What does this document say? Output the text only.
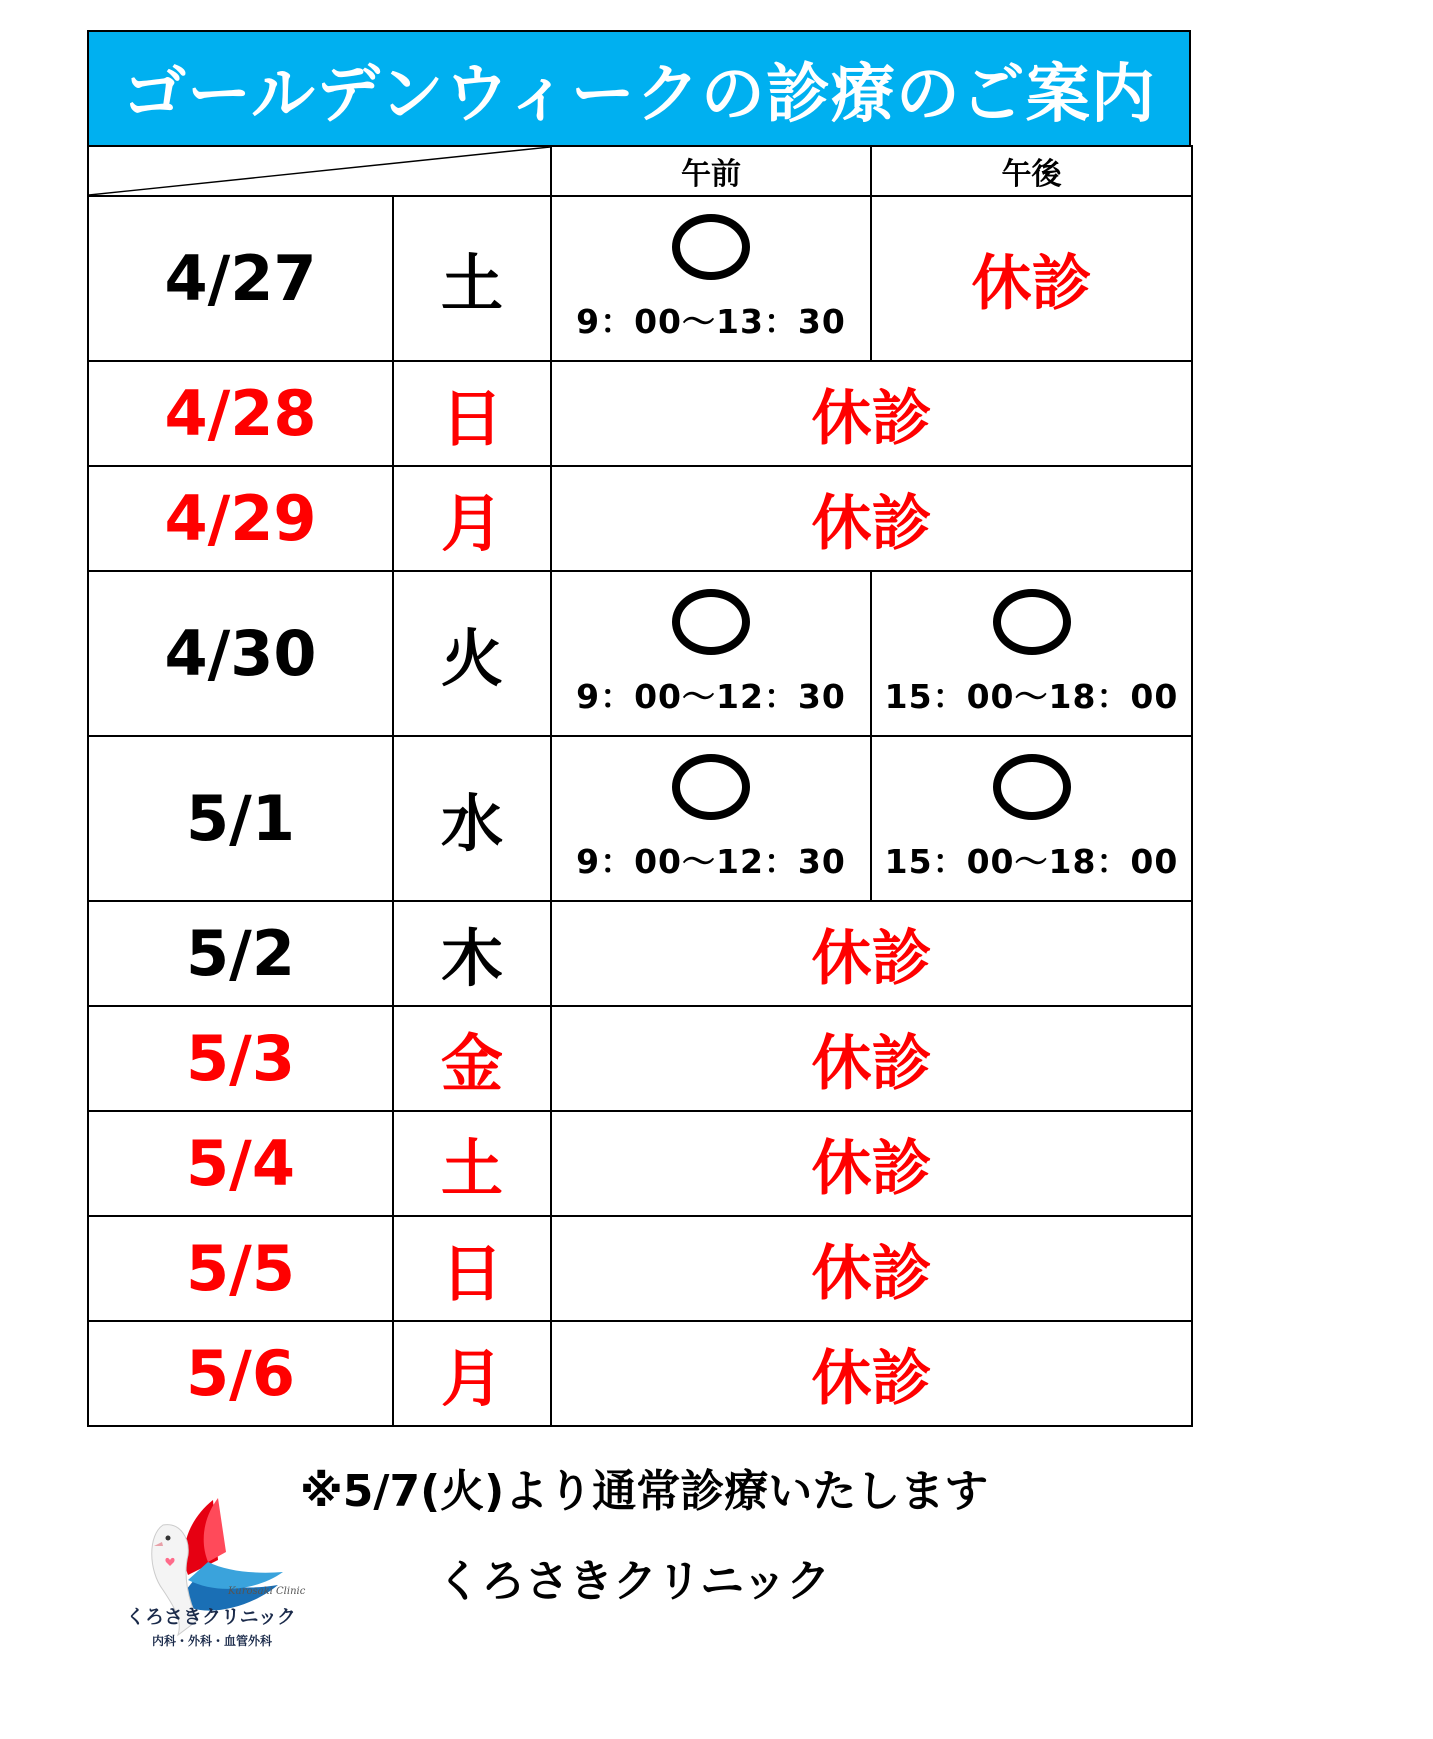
ゴールデンウィークの診療のご案内
	午前	午後
4/27	土	9：00～13：30	休診
4/28	日	休診	
4/29	月	休診	
4/30	火	9：00～12：30	15：00～18：00

5/1	水	9：00～12：30	15：00～18：00

5/2	木	休診	
5/3	金	休診	
5/4	土	休診	
5/5	日	休診	
5/6	月	休診	
※5/7(火)より通常診療いたします
くろさきクリニック
Kurosaki Clinic
くろさきクリニック
内科・外科・血管外科
